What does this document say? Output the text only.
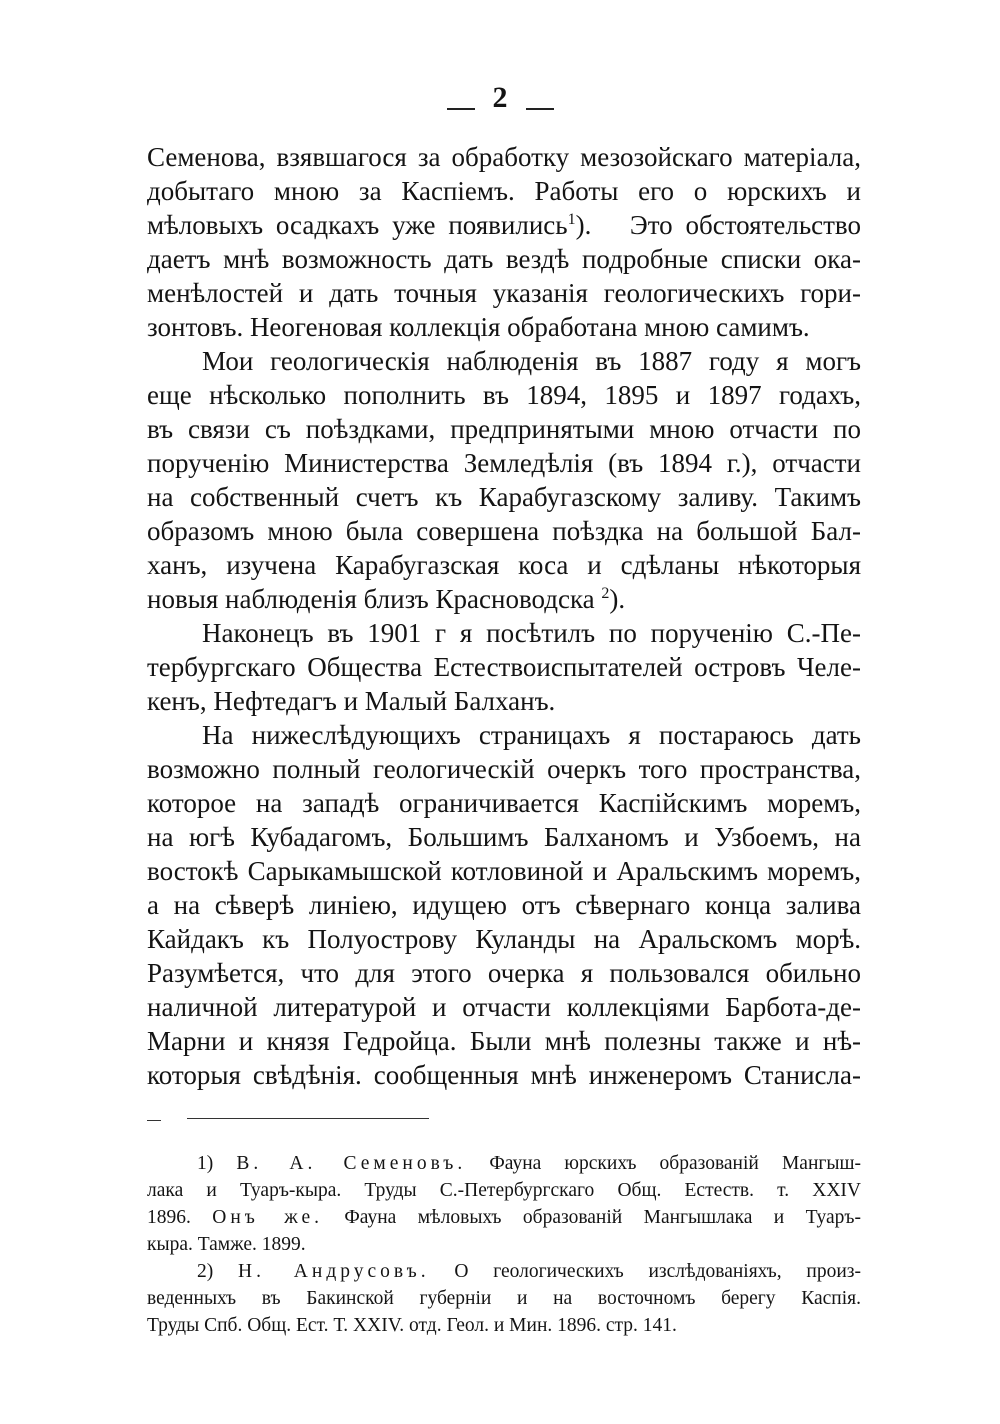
2
Семенова, взявшагося за обработку мезозойскаго матеріала,
добытаго мною за Каспіемъ. Работы его о юрскихъ и
мѣловыхъ осадкахъ уже появились$^1$). Это обстоятельство
даетъ мнѣ возможность дать вездѣ подробные списки ока-
менѣлостей и дать точныя указанія геологическихъ гори-
зонтовъ. Неогеновая коллекція обработана мною самимъ.
Мои геологическія наблюденія въ 1887 году я могъ
еще нѣсколько пополнить въ 1894, 1895 и 1897 годахъ,
въ связи съ поѣздками, предпринятыми мною отчасти по
порученію Министерства Земледѣлія (въ 1894 г.), отчасти
на собственный счетъ къ Карабугазскому заливу. Такимъ
образомъ мною была совершена поѣздка на большой Бал-
ханъ, изучена Карабугазская коса и сдѣланы нѣкоторыя
новыя наблюденія близъ Красноводска $^2$).
Наконецъ въ 1901 г я посѣтилъ по порученію С.-Пе-
тербургскаго Общества Естествоиспытателей островъ Челе-
кенъ, Нефтедагъ и Малый Балханъ.
На нижеслѣдующихъ страницахъ я постараюсь дать
возможно полный геологическій очеркъ того пространства,
которое на западѣ ограничивается Каспійскимъ моремъ,
на югѣ Кубадагомъ, Большимъ Балханомъ и Узбоемъ, на
востокѣ Сарыкамышской котловиной и Аральскимъ моремъ,
а на сѣверѣ линіею, идущею отъ сѣвернаго конца залива
Кайдакъ къ Полуострову Куланды на Аральскомъ морѣ.
Разумѣется, что для этого очерка я пользовался обильно
наличной литературой и отчасти коллекціями Барбота-де-
Марни и князя Гедройца. Были мнѣ полезны также и нѣ-
которыя свѣдѣнія. сообщенныя мнѣ инженеромъ Станисла-
1) В. А. Семеновъ. Фауна юрскихъ образованій Мангыш-
лака и Туаръ-кыра. Труды С.-Петербургскаго Общ. Естеств. т. XXIV
1896. Онъ же. Фауна мѣловыхъ образованій Мангышлака и Туаръ-
кыра. Тамже. 1899.
2) Н. Андрусовъ. О геологическихъ изслѣдованіяхъ, произ-
веденныхъ въ Бакинской губерніи и на восточномъ берегу Каспія.
Труды Спб. Общ. Ест. Т. XXIV. отд. Геол. и Мин. 1896. стр. 141.
